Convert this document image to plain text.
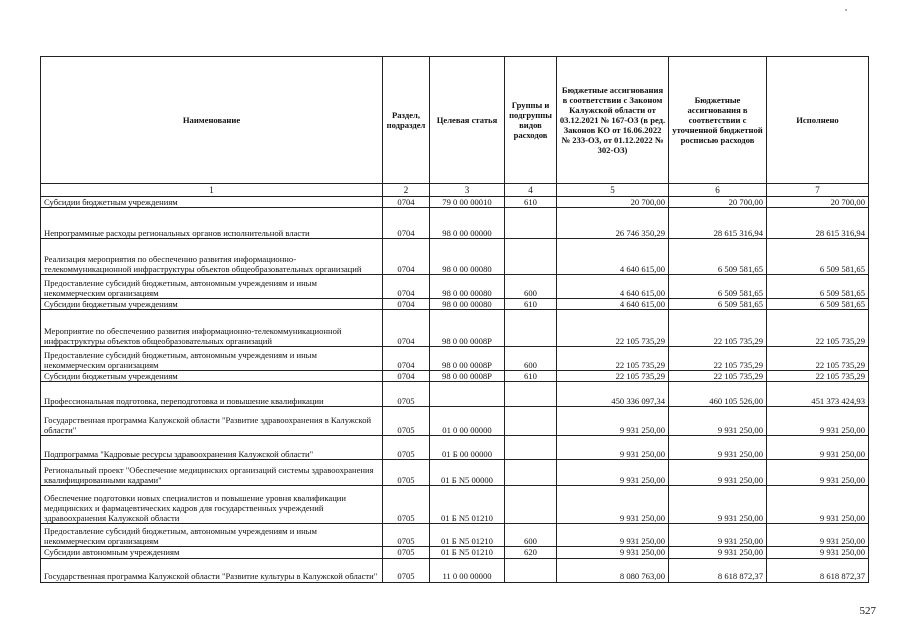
Наименование	Раздел, подраздел	Целевая статья	Группы и подгруппы видов расходов	Бюджетные ассигнования в соответствии с Законом Калужской области от 03.12.2021 № 167-ОЗ (в ред. Законов КО от 16.06.2022 № 233-ОЗ, от 01.12.2022 № 302-ОЗ)	Бюджетные ассигнования в соответствии с уточненной бюджетной росписью расходов	Исполнено
1	2	3	4	5	6	7
Субсидии бюджетным учреждениям	0704	79 0 00 00010	610	20 700,00	20 700,00	20 700,00
Непрограммные расходы региональных органов исполнительной власти	0704	98 0 00 00000		26 746 350,29	28 615 316,94	28 615 316,94
Реализация мероприятия по обеспечению развития информационно-телекоммуникационной инфраструктуры объектов общеобразовательных организаций	0704	98 0 00 00080		4 640 615,00	6 509 581,65	6 509 581,65
Предоставление субсидий бюджетным, автономным учреждениям и иным некоммерческим организациям	0704	98 0 00 00080	600	4 640 615,00	6 509 581,65	6 509 581,65
Субсидии бюджетным учреждениям	0704	98 0 00 00080	610	4 640 615,00	6 509 581,65	6 509 581,65
Мероприятие по обеспечению развития информационно-телекоммуникационной инфраструктуры объектов общеобразовательных организаций	0704	98 0 00 0008Р		22 105 735,29	22 105 735,29	22 105 735,29
Предоставление субсидий бюджетным, автономным учреждениям и иным некоммерческим организациям	0704	98 0 00 0008Р	600	22 105 735,29	22 105 735,29	22 105 735,29
Субсидии бюджетным учреждениям	0704	98 0 00 0008Р	610	22 105 735,29	22 105 735,29	22 105 735,29
Профессиональная подготовка, переподготовка и повышение квалификации	0705			450 336 097,34	460 105 526,00	451 373 424,93
Государственная программа Калужской области "Развитие здравоохранения в Калужской области"	0705	01 0 00 00000		9 931 250,00	9 931 250,00	9 931 250,00
Подпрограмма "Кадровые ресурсы здравоохранения Калужской области"	0705	01 Б 00 00000		9 931 250,00	9 931 250,00	9 931 250,00
Региональный проект "Обеспечение медицинских организаций системы здравоохранения квалифицированными кадрами"	0705	01 Б N5 00000		9 931 250,00	9 931 250,00	9 931 250,00
Обеспечение подготовки новых специалистов и повышение уровня квалификации медицинских и фармацевтических кадров для государственных учреждений здравоохранения Калужской области	0705	01 Б N5 01210		9 931 250,00	9 931 250,00	9 931 250,00
Предоставление субсидий бюджетным, автономным учреждениям и иным некоммерческим организациям	0705	01 Б N5 01210	600	9 931 250,00	9 931 250,00	9 931 250,00
Субсидии автономным учреждениям	0705	01 Б N5 01210	620	9 931 250,00	9 931 250,00	9 931 250,00
Государственная программа Калужской области "Развитие культуры в Калужской области"	0705	11 0 00 00000		8 080 763,00	8 618 872,37	8 618 872,37
527
